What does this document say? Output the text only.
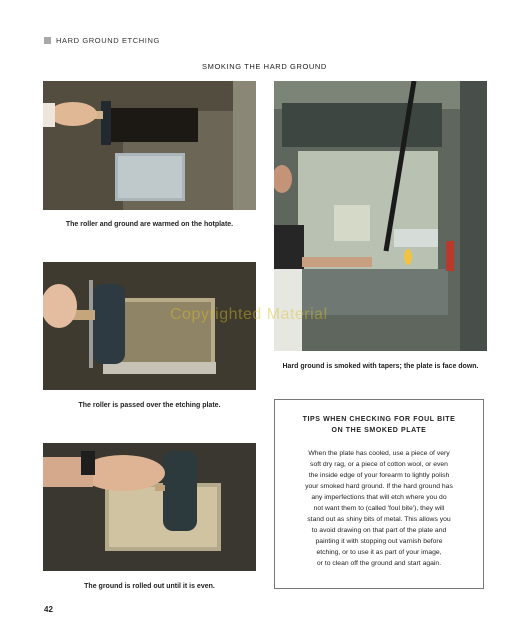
HARD GROUND ETCHING
SMOKING THE HARD GROUND
The roller and ground are warmed on the hotplate.
The roller is passed over the etching plate.
The ground is rolled out until it is even.
Hard ground is smoked with tapers; the plate is face down.
Copyrighted Material
TIPS WHEN CHECKING FOR FOUL BITE
ON THE SMOKED PLATE
When the plate has cooled, use a piece of very
soft dry rag, or a piece of cotton wool, or even
the inside edge of your forearm to lightly polish
your smoked hard ground. If the hard ground has
any imperfections that will etch where you do
not want them to (called 'foul bite'), they will
stand out as shiny bits of metal. This allows you
to avoid drawing on that part of the plate and
painting it with stopping out varnish before
etching, or to use it as part of your image,
or to clean off the ground and start again.
42
